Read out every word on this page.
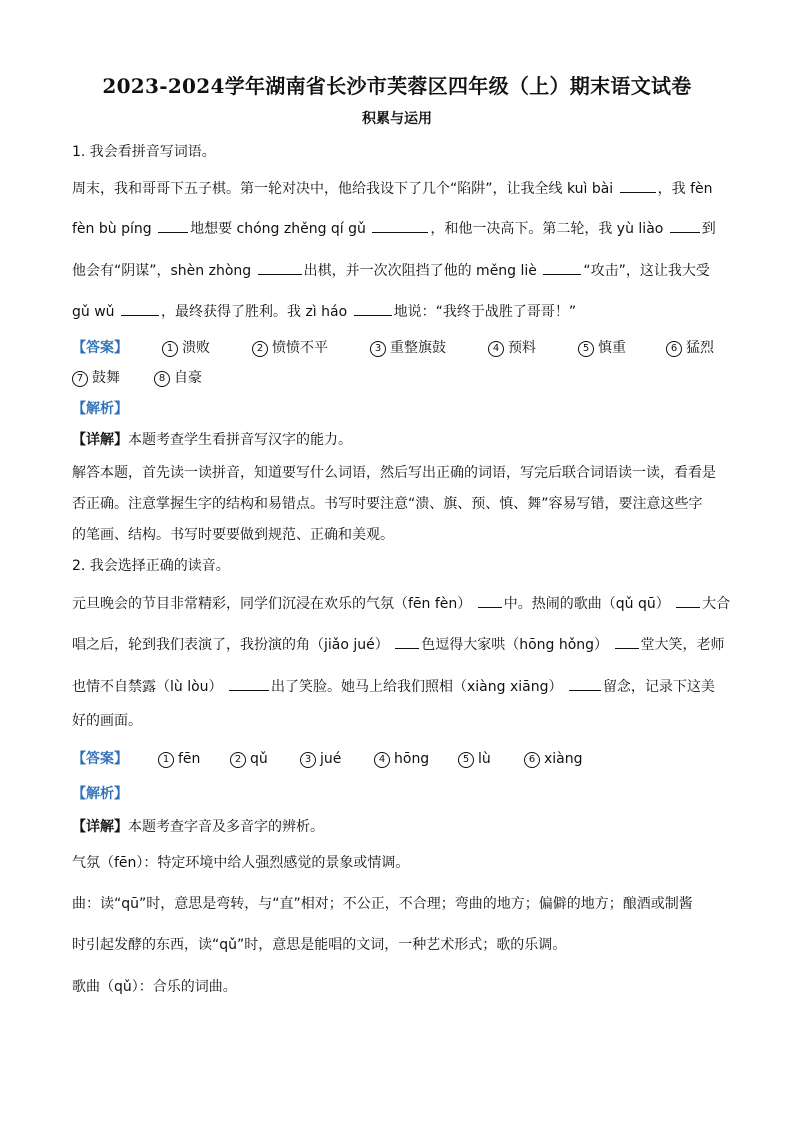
2023-2024学年湖南省长沙市芙蓉区四年级（上）期末语文试卷
积累与运用
1. 我会看拼音写词语。
周末，我和哥哥下五子棋。第一轮对决中，他给我设下了几个“陷阱”，让我全线 kuì bài	，我 fèn
fèn bù píng	地想要 chóng zhěng qí gǔ	，和他一决高下。第二轮，我 yù liào	到
他会有“阴谋”，shèn zhòng	出棋，并一次次阻挡了他的 měng liè	“攻击”，这让我大受
gǔ wǔ	，最终获得了胜利。我 zì háo	地说：“我终于战胜了哥哥！”
【答案】	1 溃败	2 愤愤不平	3 重整旗鼓	4 预料	5 慎重	6 猛烈
7 鼓舞	8 自豪
【解析】
【详解】本题考查学生看拼音写汉字的能力。
解答本题，首先读一读拼音，知道要写什么词语，然后写出正确的词语，写完后联合词语读一读，看看是
否正确。注意掌握生字的结构和易错点。书写时要注意“溃、旗、预、慎、舞”容易写错，要注意这些字
的笔画、结构。书写时要要做到规范、正确和美观。
2. 我会选择正确的读音。
元旦晚会的节目非常精彩，同学们沉浸在欢乐的气氛（fēn fèn） 中。热闹的歌曲（qǔ qū） 大合
唱之后，轮到我们表演了，我扮演的角（jiǎo jué） 色逗得大家哄（hōng hǒng） 堂大笑，老师
也情不自禁露（lù lòu）	出了笑脸。她马上给我们照相（xiàng xiāng）	留念，记录下这美
好的画面。
【答案】	1 fēn	2 qǔ	3 jué	4 hōng	5 lù	6 xiàng
【解析】
【详解】本题考查字音及多音字的辨析。
气氛（fēn）：特定环境中给人强烈感觉的景象或情调。
曲：读“qū”时，意思是弯转，与“直”相对；不公正，不合理；弯曲的地方；偏僻的地方；酿酒或制酱
时引起发酵的东西，读“qǔ”时，意思是能唱的文词，一种艺术形式；歌的乐调。
歌曲（qǔ）：合乐的词曲。
